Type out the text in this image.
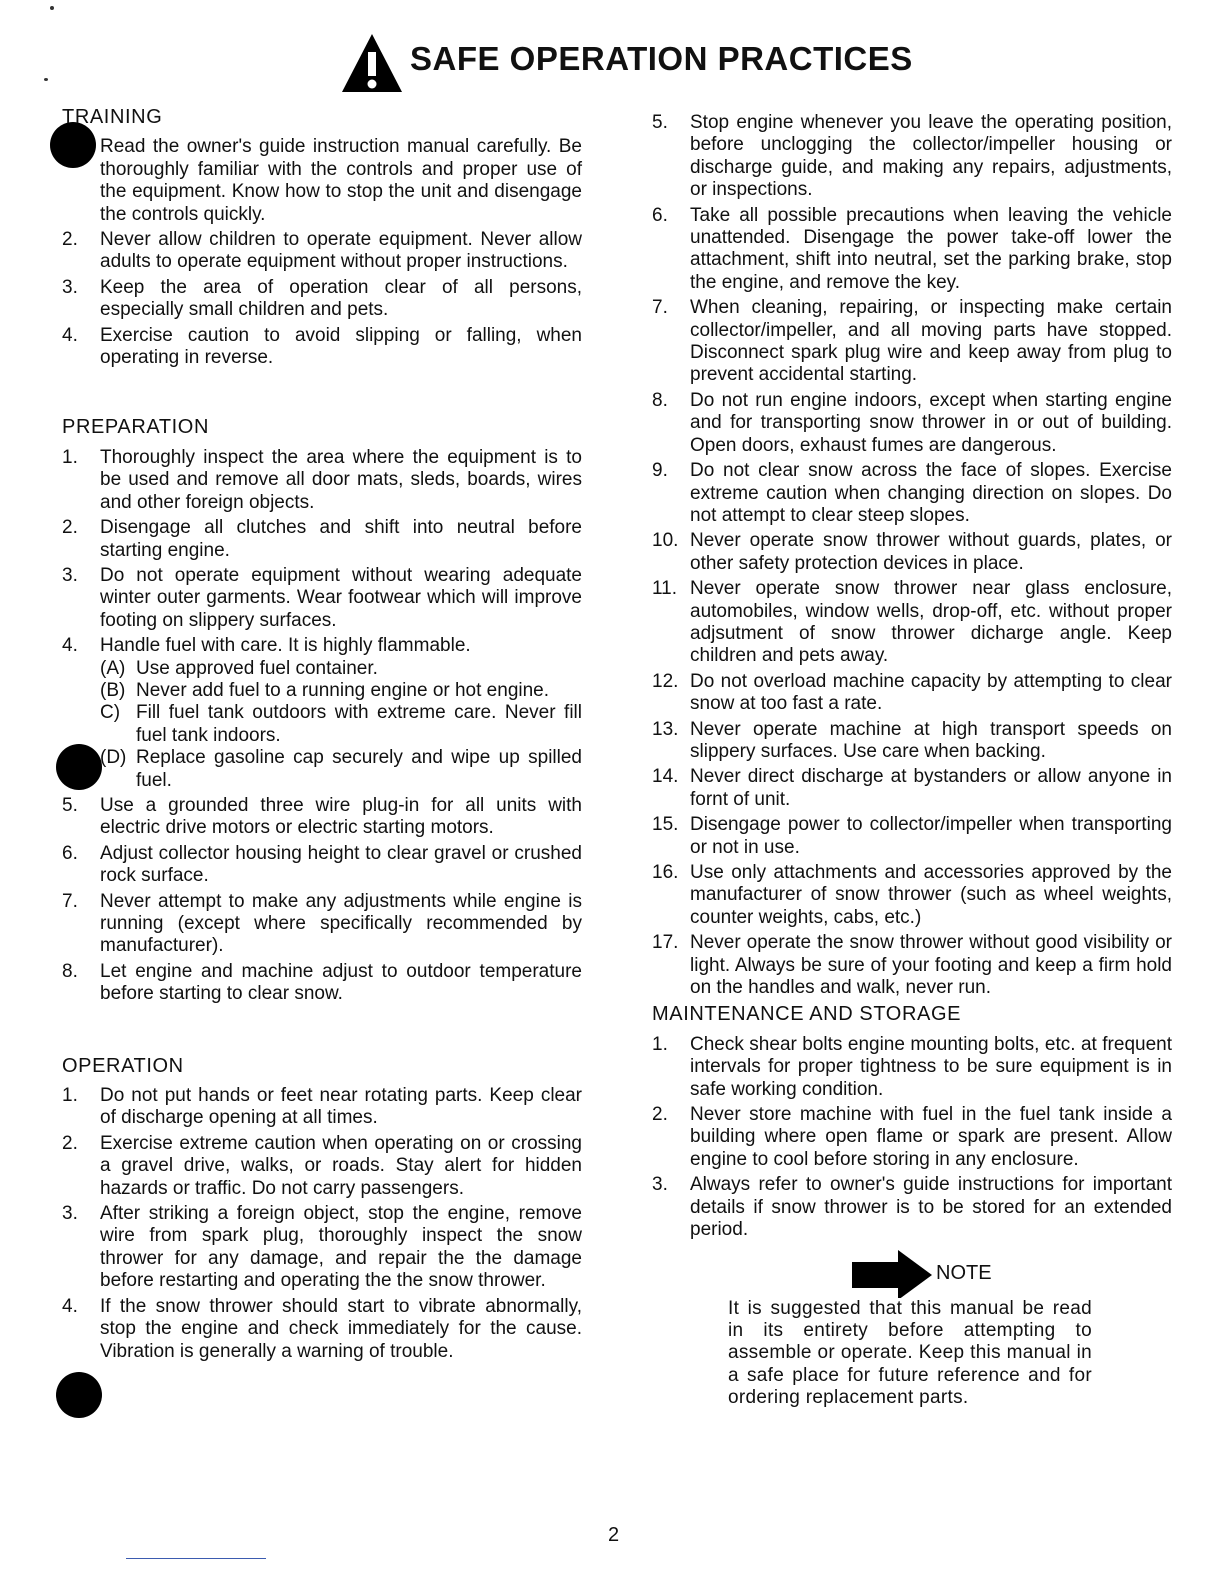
SAFE OPERATION PRACTICES
TRAINING
Read the owner's guide instruction manual carefully. Be thoroughly familiar with the controls and proper use of the equipment. Know how to stop the unit and disengage the controls quickly.
2.	Never allow children to operate equipment. Never allow adults to operate equipment without proper instructions.
3.	Keep the area of operation clear of all persons, especially small children and pets.
4.	Exercise caution to avoid slipping or falling, when operating in reverse.
PREPARATION
1.	Thoroughly inspect the area where the equipment is to be used and remove all door mats, sleds, boards, wires and other foreign objects.
2.	Disengage all clutches and shift into neutral before starting engine.
3.	Do not operate equipment without wearing adequate winter outer garments. Wear footwear which will improve footing on slippery surfaces.
4.	Handle fuel with care. It is highly flammable.
(A) Use approved fuel container.
(B) Never add fuel to a running engine or hot engine.
C) Fill fuel tank outdoors with extreme care. Never fill fuel tank indoors.
(D) Replace gasoline cap securely and wipe up spilled fuel.
5.	Use a grounded three wire plug-in for all units with electric drive motors or electric starting motors.
6.	Adjust collector housing height to clear gravel or crushed rock surface.
7.	Never attempt to make any adjustments while engine is running (except where specifically recommended by manufacturer).
8.	Let engine and machine adjust to outdoor temperature before starting to clear snow.
OPERATION
1.	Do not put hands or feet near rotating parts. Keep clear of discharge opening at all times.
2.	Exercise extreme caution when operating on or crossing a gravel drive, walks, or roads. Stay alert for hidden hazards or traffic. Do not carry passengers.
3.	After striking a foreign object, stop the engine, remove wire from spark plug, thoroughly inspect the snow thrower for any damage, and repair the the damage before restarting and operating the the snow thrower.
4.	If the snow thrower should start to vibrate abnormally, stop the engine and check immediately for the cause. Vibration is generally a warning of trouble.
5.	Stop engine whenever you leave the operating position, before unclogging the collector/impeller housing or discharge guide, and making any repairs, adjustments, or inspections.
6.	Take all possible precautions when leaving the vehicle unattended. Disengage the power take-off lower the attachment, shift into neutral, set the parking brake, stop the engine, and remove the key.
7.	When cleaning, repairing, or inspecting make certain collector/impeller, and all moving parts have stopped. Disconnect spark plug wire and keep away from plug to prevent accidental starting.
8.	Do not run engine indoors, except when starting engine and for transporting snow thrower in or out of building. Open doors, exhaust fumes are dangerous.
9.	Do not clear snow across the face of slopes. Exercise extreme caution when changing direction on slopes. Do not attempt to clear steep slopes.
10. Never operate snow thrower without guards, plates, or other safety protection devices in place.
11. Never operate snow thrower near glass enclosure, automobiles, window wells, drop-off, etc. without proper adjsutment of snow thrower dicharge angle. Keep children and pets away.
12. Do not overload machine capacity by attempting to clear snow at too fast a rate.
13. Never operate machine at high transport speeds on slippery surfaces. Use care when backing.
14. Never direct discharge at bystanders or allow anyone in fornt of unit.
15. Disengage power to collector/impeller when transporting or not in use.
16. Use only attachments and accessories approved by the manufacturer of snow thrower (such as wheel weights, counter weights, cabs, etc.)
17. Never operate the snow thrower without good visibility or light. Always be sure of your footing and keep a firm hold on the handles and walk, never run.
MAINTENANCE AND STORAGE
1.	Check shear bolts engine mounting bolts, etc. at frequent intervals for proper tightness to be sure equipment is in safe working condition.
2.	Never store machine with fuel in the fuel tank inside a building where open flame or spark are present. Allow engine to cool before storing in any enclosure.
3.	Always refer to owner's guide instructions for important details if snow thrower is to be stored for an extended period.
NOTE
It is suggested that this manual be read in its entirety before attempting to assemble or operate. Keep this manual in a safe place for future reference and for ordering replacement parts.
2
